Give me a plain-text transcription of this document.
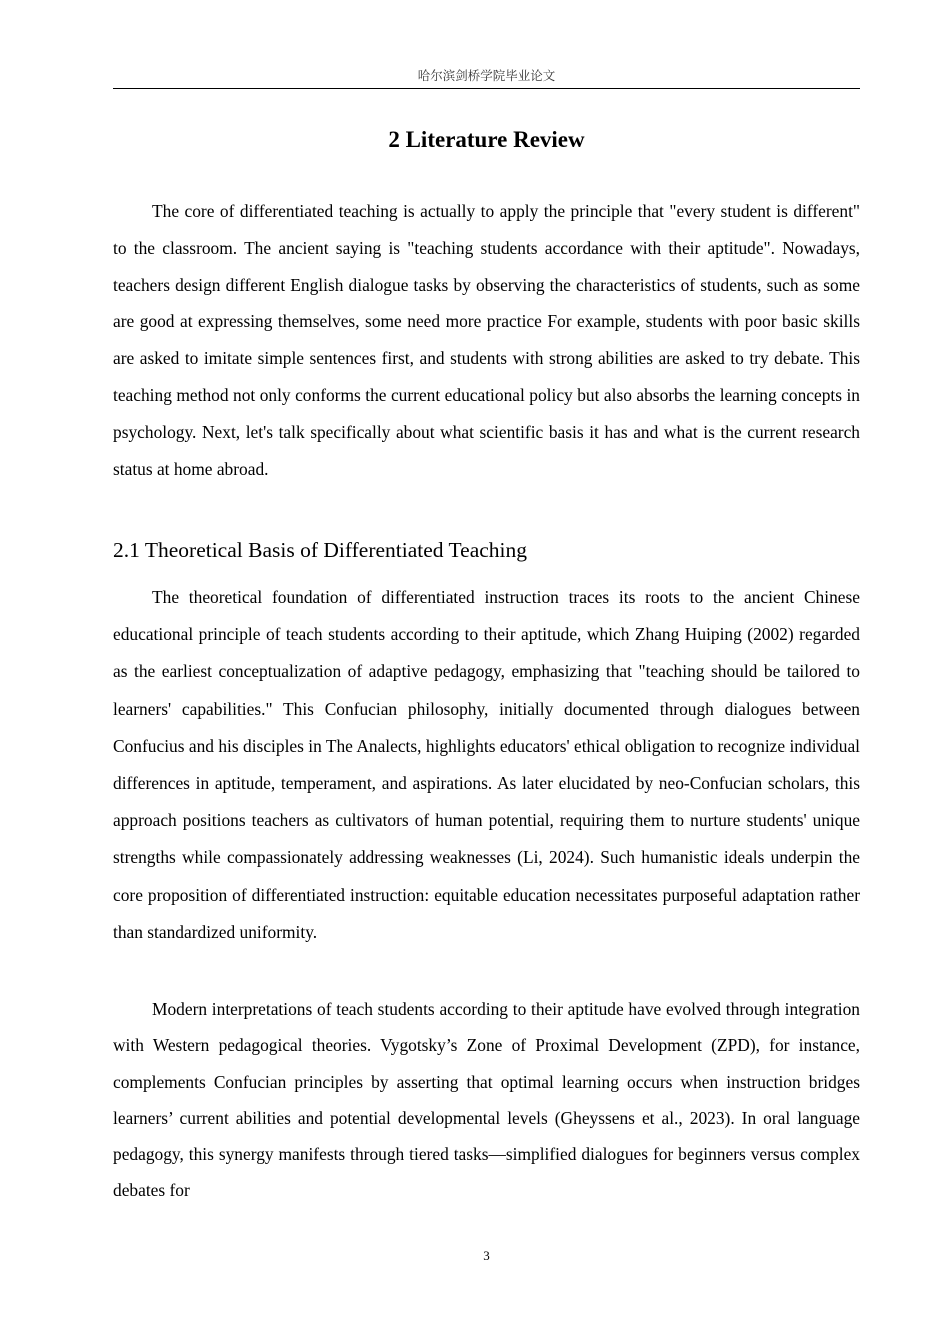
哈尔滨剑桥学院毕业论文
2 Literature Review

The core of differentiated teaching is actually to apply the principle that "every student is different" to the classroom. The ancient saying is "teaching students accordance with their aptitude". Nowadays, teachers design different English dialogue tasks by observing the characteristics of students, such as some are good at expressing themselves, some need more practice For example, students with poor basic skills are asked to imitate simple sentences first, and students with strong abilities are asked to try debate. This teaching method not only conforms the current educational policy but also absorbs the learning concepts in psychology. Next, let's talk specifically about what scientific basis it has and what is the current research status at home abroad.

2.1 Theoretical Basis of Differentiated Teaching

The theoretical foundation of differentiated instruction traces its roots to the ancient Chinese educational principle of teach students according to their aptitude, which Zhang Huiping (2002) regarded as the earliest conceptualization of adaptive pedagogy, emphasizing that "teaching should be tailored to learners' capabilities." This Confucian philosophy, initially documented through dialogues between Confucius and his disciples in The Analects, highlights educators' ethical obligation to recognize individual differences in aptitude, temperament, and aspirations. As later elucidated by neo-Confucian scholars, this approach positions teachers as cultivators of human potential, requiring them to nurture students' unique strengths while compassionately addressing weaknesses (Li, 2024). Such humanistic ideals underpin the core proposition of differentiated instruction: equitable education necessitates purposeful adaptation rather than standardized uniformity.

Modern interpretations of teach students according to their aptitude have evolved through integration with Western pedagogical theories. Vygotsky’s Zone of Proximal Development (ZPD), for instance, complements Confucian principles by asserting that optimal learning occurs when instruction bridges learners’ current abilities and potential developmental levels (Gheyssens et al., 2023). In oral language pedagogy, this synergy manifests through tiered tasks—simplified dialogues for beginners versus complex debates for

3
